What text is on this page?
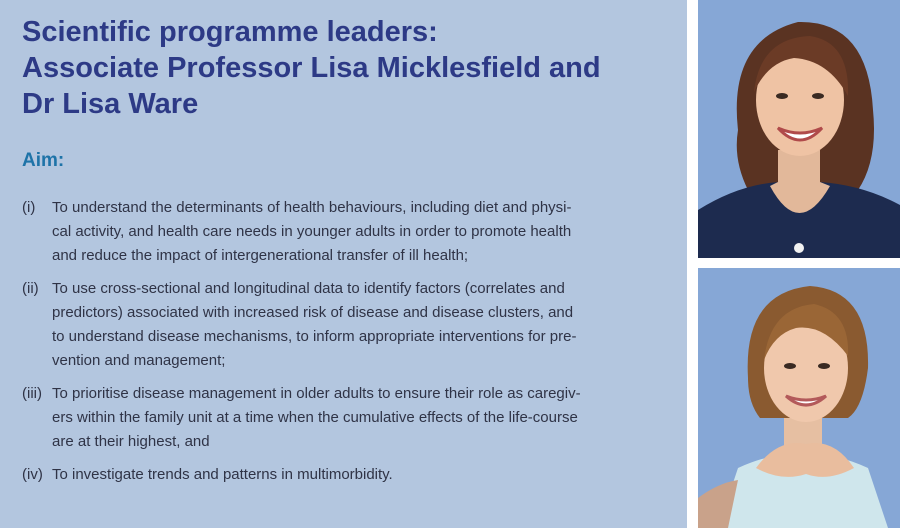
Scientific programme leaders:
Associate Professor Lisa Micklesfield and
Dr Lisa Ware
Aim:
(i) To understand the determinants of health behaviours, including diet and physi-
cal activity, and health care needs in younger adults in order to promote health
and reduce the impact of intergenerational transfer of ill health;
(ii) To use cross-sectional and longitudinal data to identify factors (correlates and
predictors) associated with increased risk of disease and disease clusters, and
to understand disease mechanisms, to inform appropriate interventions for pre-
vention and management;
(iii) To prioritise disease management in older adults to ensure their role as caregiv-
ers within the family unit at a time when the cumulative effects of the life-course
are at their highest, and
(iv) To investigate trends and patterns in multimorbidity.
